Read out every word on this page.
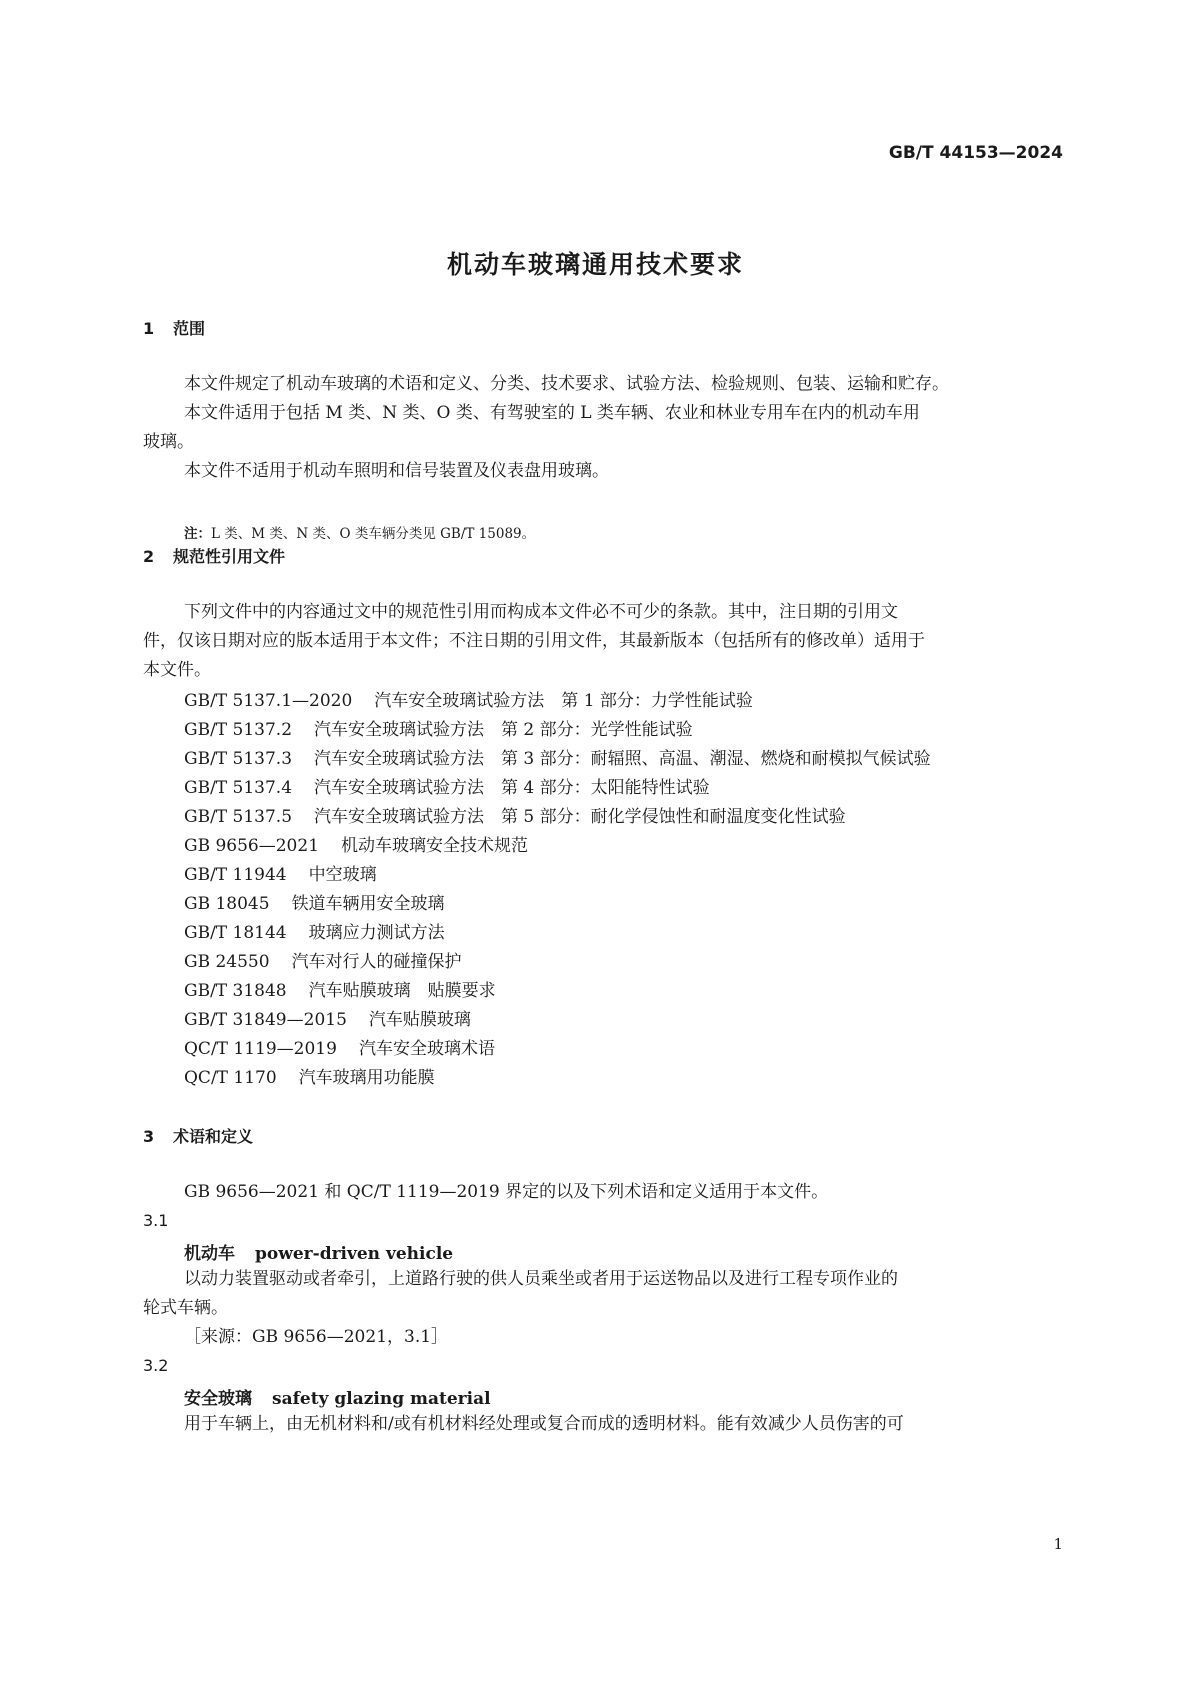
GB/T 44153—2024
机动车玻璃通用技术要求
1 范围
本文件规定了机动车玻璃的术语和定义、分类、技术要求、试验方法、检验规则、包装、运输和贮存。
本文件适用于包括 M 类、N 类、O 类、有驾驶室的 L 类车辆、农业和林业专用车在内的机动车用
玻璃。
本文件不适用于机动车照明和信号装置及仪表盘用玻璃。
注：L 类、M 类、N 类、O 类车辆分类见 GB/T 15089。
2 规范性引用文件
下列文件中的内容通过文中的规范性引用而构成本文件必不可少的条款。其中，注日期的引用文
件，仅该日期对应的版本适用于本文件；不注日期的引用文件，其最新版本（包括所有的修改单）适用于
本文件。
GB/T 5137.1—2020 汽车安全玻璃试验方法　第 1 部分：力学性能试验
GB/T 5137.2 汽车安全玻璃试验方法　第 2 部分：光学性能试验
GB/T 5137.3 汽车安全玻璃试验方法　第 3 部分：耐辐照、高温、潮湿、燃烧和耐模拟气候试验
GB/T 5137.4 汽车安全玻璃试验方法　第 4 部分：太阳能特性试验
GB/T 5137.5 汽车安全玻璃试验方法　第 5 部分：耐化学侵蚀性和耐温度变化性试验
GB 9656—2021 机动车玻璃安全技术规范
GB/T 11944 中空玻璃
GB 18045 铁道车辆用安全玻璃
GB/T 18144 玻璃应力测试方法
GB 24550 汽车对行人的碰撞保护
GB/T 31848 汽车贴膜玻璃　贴膜要求
GB/T 31849—2015 汽车贴膜玻璃
QC/T 1119—2019 汽车安全玻璃术语
QC/T 1170 汽车玻璃用功能膜
3 术语和定义
GB 9656—2021 和 QC/T 1119—2019 界定的以及下列术语和定义适用于本文件。
3.1
机动车 power-driven vehicle
以动力装置驱动或者牵引，上道路行驶的供人员乘坐或者用于运送物品以及进行工程专项作业的
轮式车辆。
［来源：GB 9656—2021，3.1］
3.2
安全玻璃 safety glazing material
用于车辆上，由无机材料和/或有机材料经处理或复合而成的透明材料。能有效减少人员伤害的可
1
